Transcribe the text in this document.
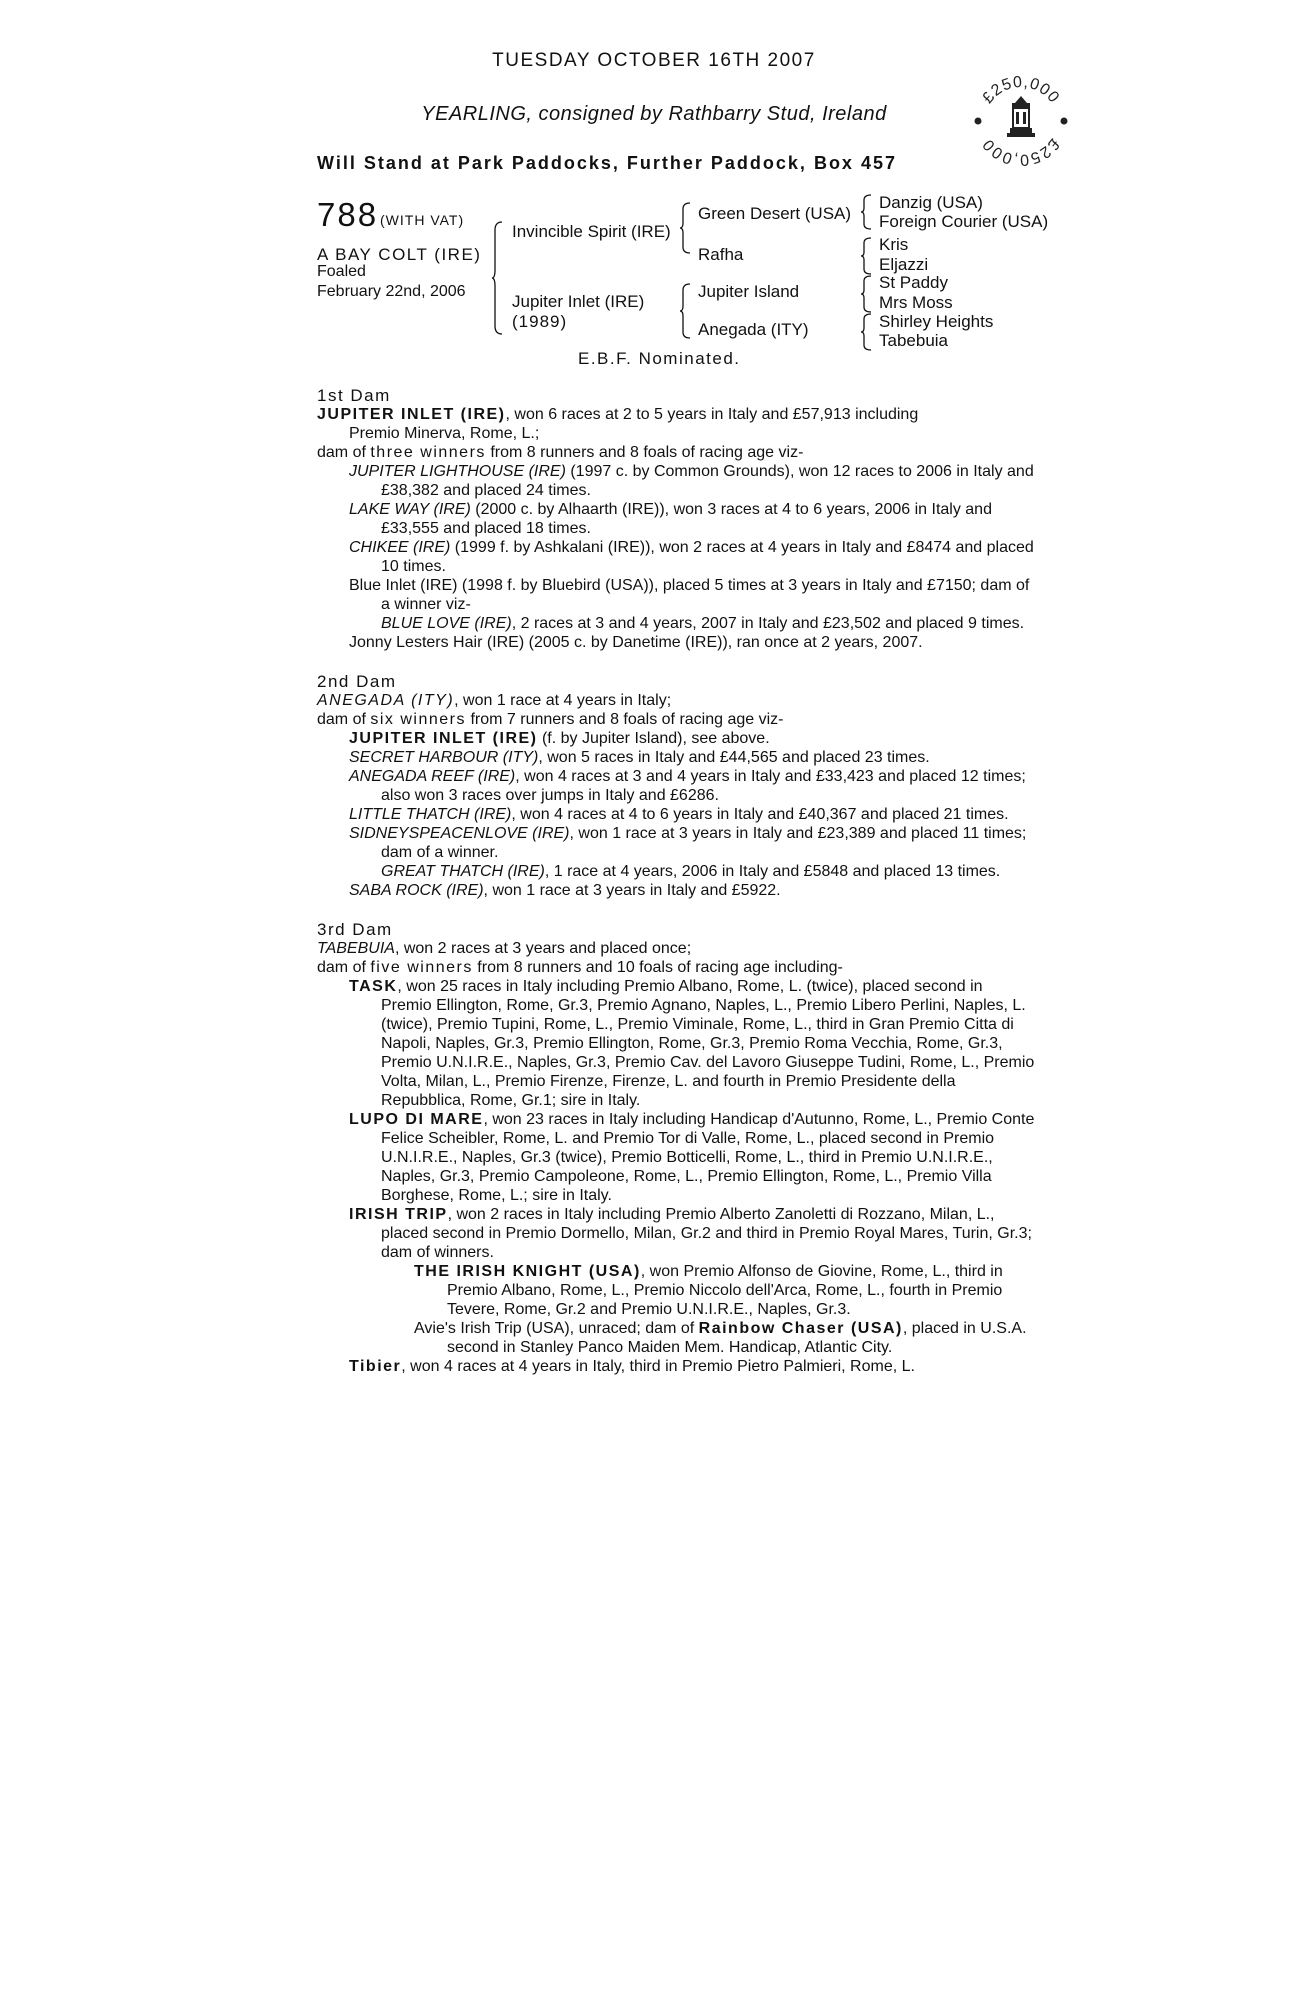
TUESDAY OCTOBER 16TH 2007
YEARLING, consigned by Rathbarry Stud, Ireland
Will Stand at Park Paddocks, Further Paddock, Box 457
£250,000
£250,000
788 (WITH VAT)
A BAY COLT (IRE)
Foaled
February 22nd, 2006
Invincible Spirit (IRE)
Jupiter Inlet (IRE)
(1989)
Green Desert (USA)
Rafha
Jupiter Island
Anegada (ITY)
Danzig (USA)
Foreign Courier (USA)
Kris
Eljazzi
St Paddy
Mrs Moss
Shirley Heights
Tabebuia
E.B.F. Nominated.

1st Dam

JUPITER INLET (IRE), won 6 races at 2 to 5 years in Italy and £57,913 including

Premio Minerva, Rome, L.;

dam of three winners from 8 runners and 8 foals of racing age viz-

JUPITER LIGHTHOUSE (IRE) (1997 c. by Common Grounds), won 12 races to 2006 in Italy and £38,382 and placed 24 times.

LAKE WAY (IRE) (2000 c. by Alhaarth (IRE)), won 3 races at 4 to 6 years, 2006 in Italy and £33,555 and placed 18 times.

CHIKEE (IRE) (1999 f. by Ashkalani (IRE)), won 2 races at 4 years in Italy and £8474 and placed 10 times.

Blue Inlet (IRE) (1998 f. by Bluebird (USA)), placed 5 times at 3 years in Italy and £7150; dam of a winner viz-

BLUE LOVE (IRE), 2 races at 3 and 4 years, 2007 in Italy and £23,502 and placed 9 times.

Jonny Lesters Hair (IRE) (2005 c. by Danetime (IRE)), ran once at 2 years, 2007.

2nd Dam

ANEGADA (ITY), won 1 race at 4 years in Italy;

dam of six winners from 7 runners and 8 foals of racing age viz-

JUPITER INLET (IRE) (f. by Jupiter Island), see above.

SECRET HARBOUR (ITY), won 5 races in Italy and £44,565 and placed 23 times.

ANEGADA REEF (IRE), won 4 races at 3 and 4 years in Italy and £33,423 and placed 12 times; also won 3 races over jumps in Italy and £6286.

LITTLE THATCH (IRE), won 4 races at 4 to 6 years in Italy and £40,367 and placed 21 times.

SIDNEYSPEACENLOVE (IRE), won 1 race at 3 years in Italy and £23,389 and placed 11 times; dam of a winner.

GREAT THATCH (IRE), 1 race at 4 years, 2006 in Italy and £5848 and placed 13 times.

SABA ROCK (IRE), won 1 race at 3 years in Italy and £5922.

3rd Dam

TABEBUIA, won 2 races at 3 years and placed once;

dam of five winners from 8 runners and 10 foals of racing age including-

TASK, won 25 races in Italy including Premio Albano, Rome, L. (twice), placed second in Premio Ellington, Rome, Gr.3, Premio Agnano, Naples, L., Premio Libero Perlini, Naples, L. (twice), Premio Tupini, Rome, L., Premio Viminale, Rome, L., third in Gran Premio Citta di Napoli, Naples, Gr.3, Premio Ellington, Rome, Gr.3, Premio Roma Vecchia, Rome, Gr.3, Premio U.N.I.R.E., Naples, Gr.3, Premio Cav. del Lavoro Giuseppe Tudini, Rome, L., Premio Volta, Milan, L., Premio Firenze, Firenze, L. and fourth in Premio Presidente della Repubblica, Rome, Gr.1; sire in Italy.

LUPO DI MARE, won 23 races in Italy including Handicap d'Autunno, Rome, L., Premio Conte Felice Scheibler, Rome, L. and Premio Tor di Valle, Rome, L., placed second in Premio U.N.I.R.E., Naples, Gr.3 (twice), Premio Botticelli, Rome, L., third in Premio U.N.I.R.E., Naples, Gr.3, Premio Campoleone, Rome, L., Premio Ellington, Rome, L., Premio Villa Borghese, Rome, L.; sire in Italy.

IRISH TRIP, won 2 races in Italy including Premio Alberto Zanoletti di Rozzano, Milan, L., placed second in Premio Dormello, Milan, Gr.2 and third in Premio Royal Mares, Turin, Gr.3; dam of winners.

THE IRISH KNIGHT (USA), won Premio Alfonso de Giovine, Rome, L., third in Premio Albano, Rome, L., Premio Niccolo dell'Arca, Rome, L., fourth in Premio Tevere, Rome, Gr.2 and Premio U.N.I.R.E., Naples, Gr.3.

Avie's Irish Trip (USA), unraced; dam of Rainbow Chaser (USA), placed in U.S.A. second in Stanley Panco Maiden Mem. Handicap, Atlantic City.

Tibier, won 4 races at 4 years in Italy, third in Premio Pietro Palmieri, Rome, L.
